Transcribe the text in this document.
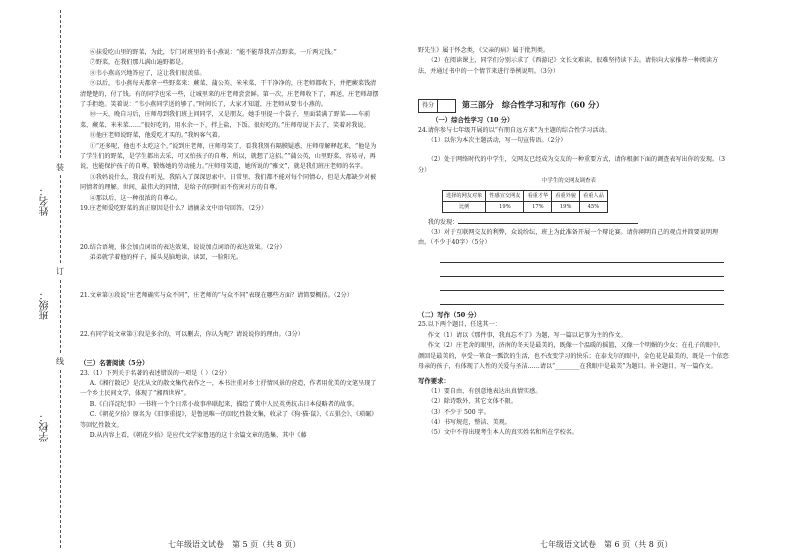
学校：
班级：
姓名：
装
订
线

⑥抹爱吃山里的野菜，为此，专门对班里的书小燕说：“能不能帮我弄点野菜，一斤两元钱。”

⑦野菜，在我们那儿满山遍野都是。

⑧韦小燕高兴地答应了，这让我们很羡慕。

⑨以后，韦小燕每天都拿一些野菜来：蕨菜、蒲公英、米米菜、干干净净的，庄老师都收下，并把蕨菜钱清清楚楚的，付了钱。有的同学也采一些，让城里来的庄老师尝尝鲜。第一次，庄老师收下了，再送，庄老师却摆了手拒绝。笑着说：“韦小燕同学送的够了。”时间长了，大家才知道，庄老师从要韦小燕的。

⑩一天，晚自习后，庄师母到我们班上问同学，又是朋友。她手里提一个袋子，里面装满了野菜——车前菜、蕨菜、米米菜……“很好吃的，用水余一下，拌上盐，下饭。很好吃的。”庄师母说下去了，笑着对我说。

⑪他庄老师说野菜，他爱吃才买的。”我妈客气着。

①“还多呢，他也不太吃这个，”说到庄老师，庄师母笑了，看我我别有隔膜疑惑，庄师母解释起来，“他是为了学生们的野菜，是学生都出去采，可又怕孩子的自尊，所以，就想了这招。”“蒲公英，山里野菜，容易寻，再说，也能保护孩子的自尊，锻炼她的劳动能力。”庄师母笑道，她所说的“雅文”，就是我们班庄老师的名字。

③我妈说什么，我没有听见，我陷入了深深思索中。日常里，我们都不能对每个同情心，但是大都缺少对被同情者的理解。世间，最伟大的同情，是给予的同时而不伤害对方的自尊。

④那以后，这一种很浓的自尊心。

19.庄老师爱吃野菜的真正原因是什么？请摘录文中语句回答。（2分）

20.结合语境，体会加点词语的表达效果，说说加点词语的表达效果。（2分）

弟弟就学着他的样子，摇头晃脑地读，读罢，一脸阳光。

21.文章第③段说“庄老师确实与众不同”，庄老师的“与众不同”表现在哪些方面？请简要概括。（2分）

22.有同学说文章第①段是多余的，可以删去，你认为呢？请说说你的理由。（3分）

（三）名著阅读（5分）

23.（1）下列关于名著的表述错误的一项是（ ）（2分）

A.《湘行散记》是沈从文的散文集代表作之一，本书注重对乡土抒情风景的营造，作者用优美的文笔呈现了一个乡土民间文学，体现了“湘西世界”。

B.《白洋淀纪事》一书将一个个日常小故事串联起来，描绘了冀中人民英勇抗击日本侵略者的故事。

C.《朝花夕拾》原名为《旧事重提》，是鲁迅唯一的回忆性散文集，收录了《狗·猫·鼠》、《五猖会》、《琐碾》等回忆性散文。

D.从内容上看，《朝花夕拾》是应代文学家鲁迅的这十余篇文章的选集，其中《藤

七年级语文试卷　第 5 页（共 8 页）

野先生》属于怀念类，《父亲的病》属于批判类。

（2）在阅读课上，同学们分别示求了《西游记》文长文难读，很难坚持读下去。请你向大家推荐一种阅读方法，并通过书中的一个情节来进行举例说明。（3分）

得分	第三部分　综合性学习和写作（60 分）

（一）综合性学习（10 分）

24.请你参与七年级开展的以“有朋自远方来”为主题的综合性学习活动。

（1）以你为本次主题活动，写一句宣传语。（2分）

（2）处于网络时代的中学生，交网友已经成为交友的一种重要方式，请你根据下面的调查表写出你的发现。（3分）

中学生的交网友调查表
选择的网友对象	性感宣交网友	看重才华	看重外貌	看重人品
比例	19%	17%	19%	45%

我的发现：

（3）对于互联网交友的利弊，众说纷纭，班上为此准备开展一个辩论赛。请你阐明自己的观点并简要说明理由。（不少于40字）（5分）

（二）写作（50 分）

25.以下两个题目，任选其一：

作文（1）请以《那件事，我真忘不了》为题，写一篇以记事为主的作文。

作文（2）庄老舍的眼里，济南的冬天是最美的，既像一个温暖的摇篮，又像一个明媚的少女；在孔子的眼中，颜回是最美的，享受一箪食一瓢饮的生活，也不改变学习的快乐；在泰戈尔的眼中，金色花是最美的，既是一个依恋母亲的孩子，有体现了人性的关爱与圣洁……请以“________在我眼中是最美”为题目。补全题目，写一篇作文。

写作要求：

（1）要自由、有创意地表达出真情实感。

（2）除诗歌外，其它文体不限。

（3）不少于 500 字。

（4）书写规范，整洁、美观。

（5）文中不得出现考生本人的真实姓名和所在学校名。

七年级语文试卷　第 6 页（共 8 页）
